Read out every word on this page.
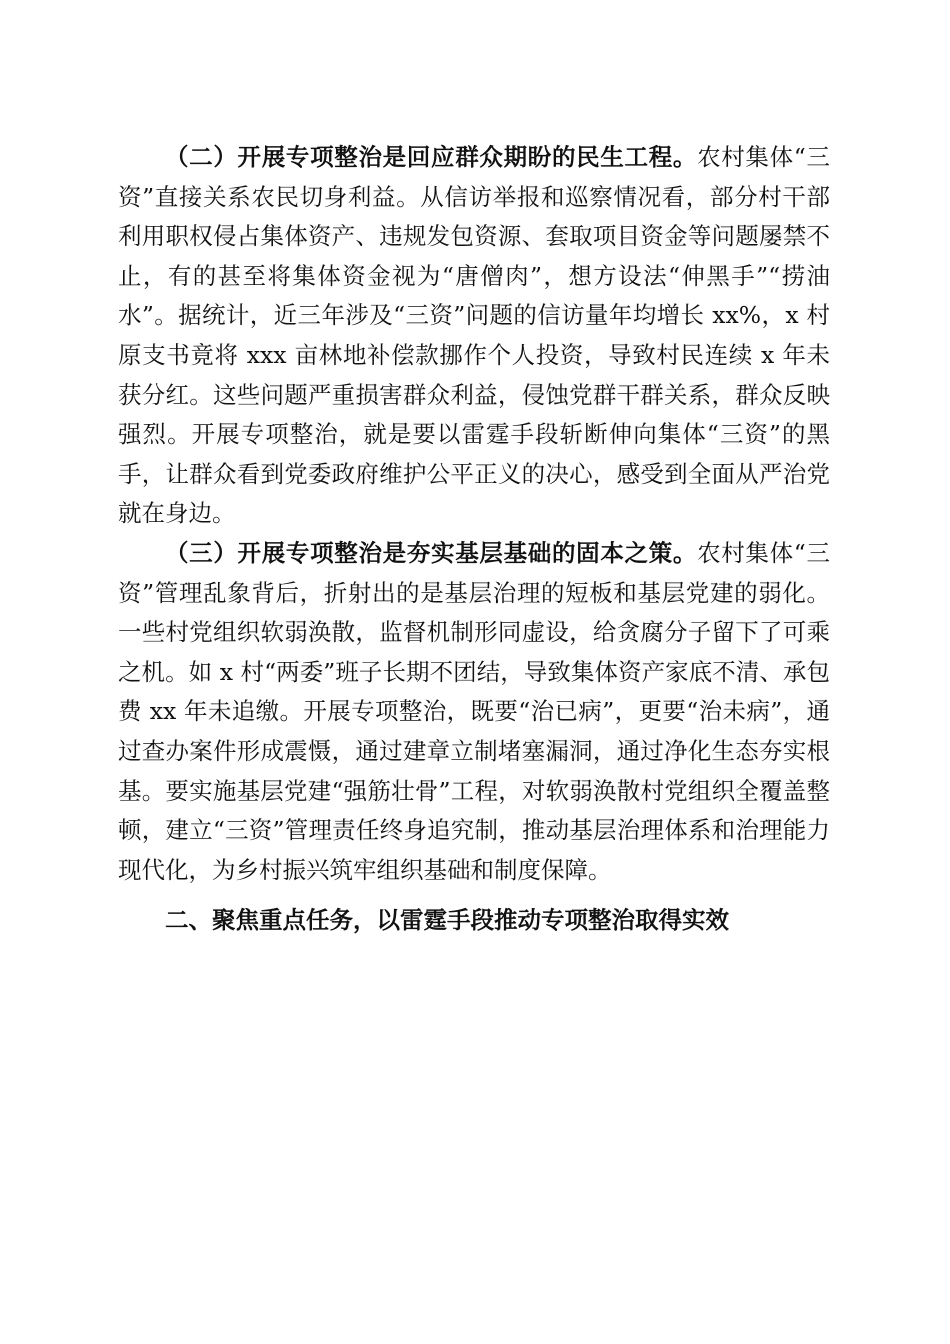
（二）开展专项整治是回应群众期盼的民生工程。农村集体“三资”直接关系农民切身利益。从信访举报和巡察情况看，部分村干部利用职权侵占集体资产、违规发包资源、套取项目资金等问题屡禁不止，有的甚至将集体资金视为“唐僧肉”，想方设法“伸黑手”“捞油水”。据统计，近三年涉及“三资”问题的信访量年均增长 xx%，x 村原支书竟将 xxx 亩林地补偿款挪作个人投资，导致村民连续 x 年未获分红。这些问题严重损害群众利益，侵蚀党群干群关系，群众反映强烈。开展专项整治，就是要以雷霆手段斩断伸向集体“三资”的黑手，让群众看到党委政府维护公平正义的决心，感受到全面从严治党就在身边。

（三）开展专项整治是夯实基层基础的固本之策。农村集体“三资”管理乱象背后，折射出的是基层治理的短板和基层党建的弱化。一些村党组织软弱涣散，监督机制形同虚设，给贪腐分子留下了可乘之机。如 x 村“两委”班子长期不团结，导致集体资产家底不清、承包费 xx 年未追缴。开展专项整治，既要“治已病”，更要“治未病”，通过查办案件形成震慑，通过建章立制堵塞漏洞，通过净化生态夯实根基。要实施基层党建“强筋壮骨”工程，对软弱涣散村党组织全覆盖整顿，建立“三资”管理责任终身追究制，推动基层治理体系和治理能力现代化，为乡村振兴筑牢组织基础和制度保障。

二、聚焦重点任务，以雷霆手段推动专项整治取得实效
